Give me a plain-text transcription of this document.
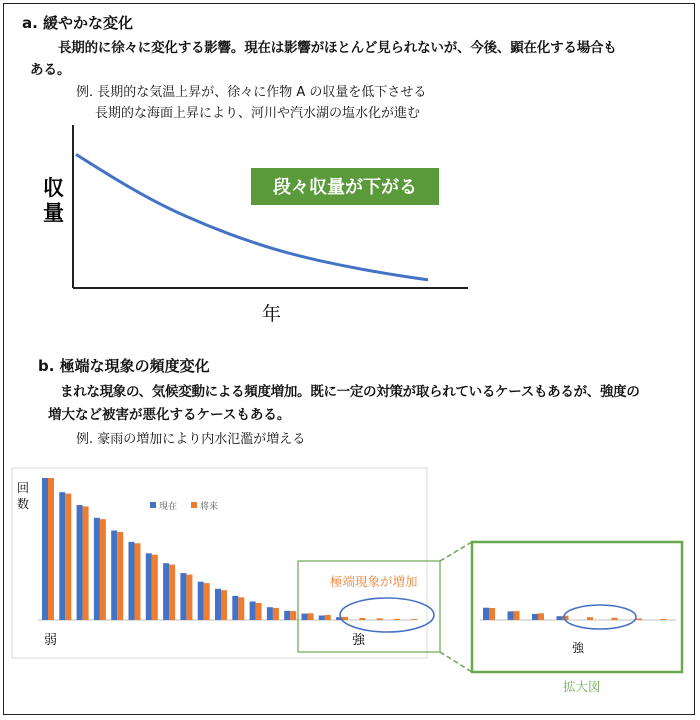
a. 緩やかな変化
長期的に徐々に変化する影響。現在は影響がほとんど見られないが、今後、顕在化する場合も
ある。
例. 長期的な気温上昇が、徐々に作物 A の収量を低下させる
長期的な海面上昇により、河川や汽水湖の塩水化が進む
収
量
年
段々収量が下がる
b. 極端な現象の頻度変化
まれな現象の、気候変動による頻度増加。既に一定の対策が取られているケースもあるが、強度の
増大など被害が悪化するケースもある。
例. 豪雨の増加により内水氾濫が増える
回
数	現在	将来
弱	強
極端現象が増加
強
拡大図
